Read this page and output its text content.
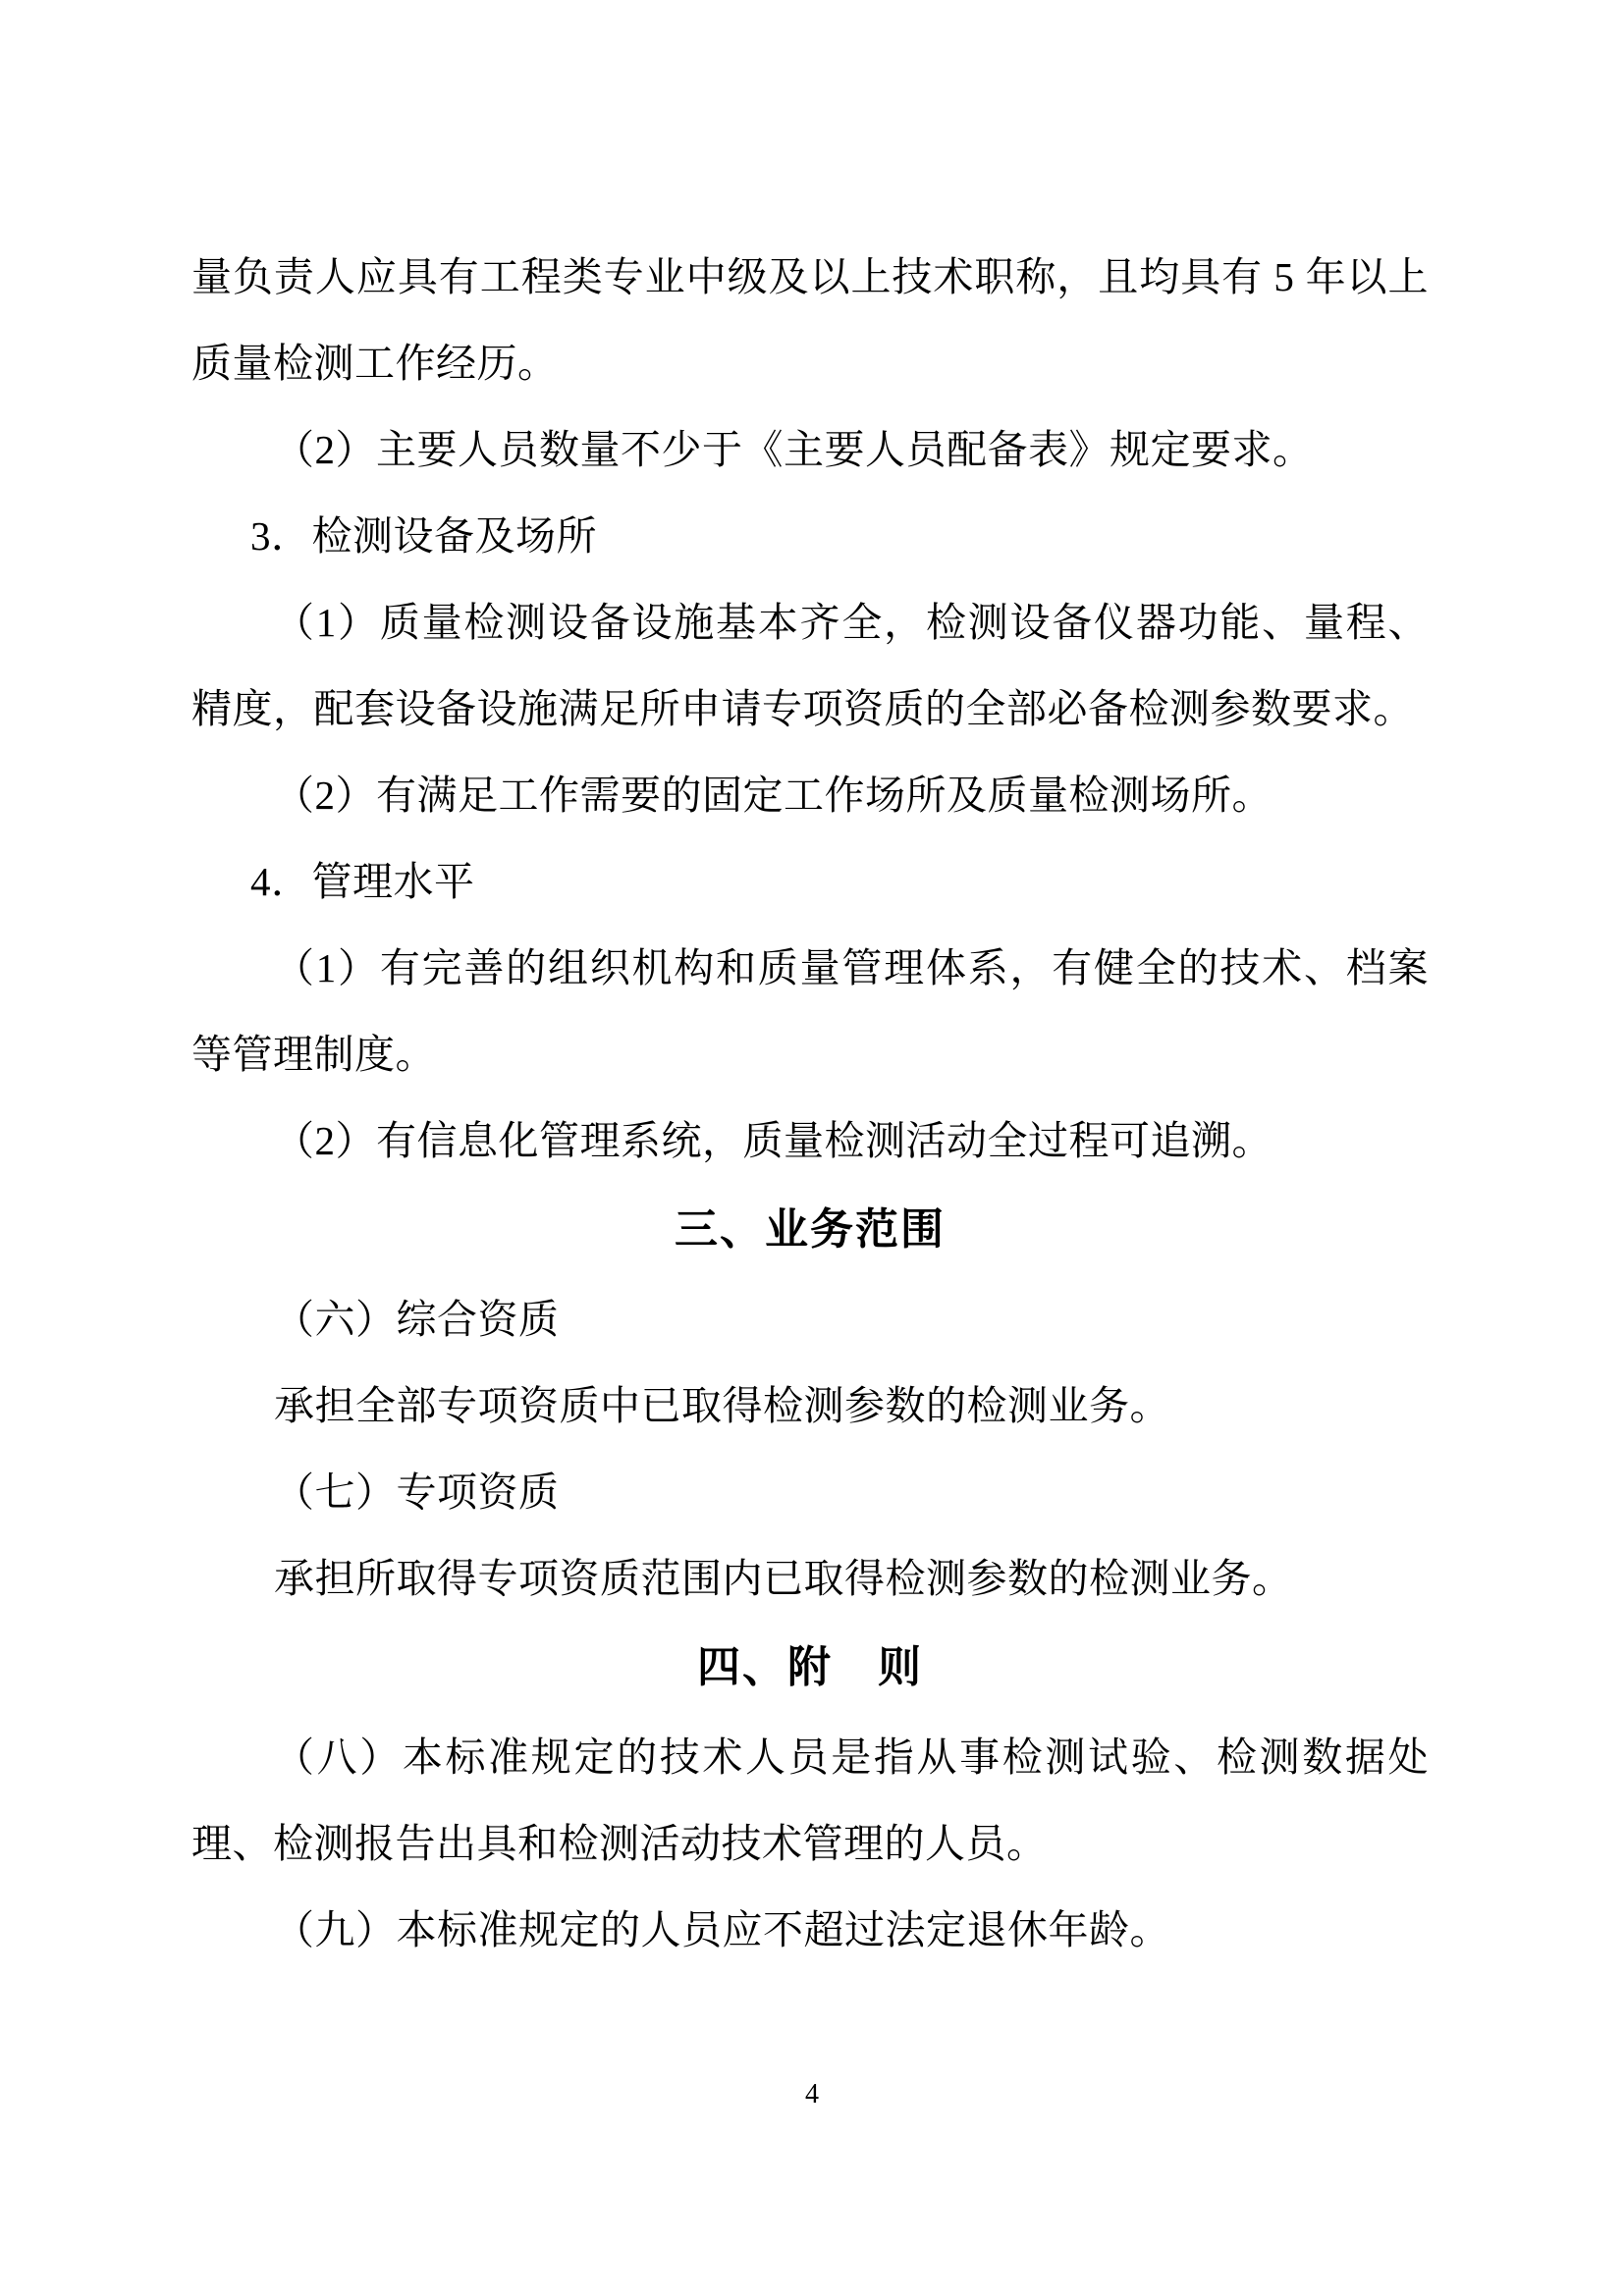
量负责人应具有工程类专业中级及以上技术职称，且均具有 5 年以上质量检测工作经历。

（2）主要人员数量不少于《主要人员配备表》规定要求。

3．检测设备及场所

（1）质量检测设备设施基本齐全，检测设备仪器功能、量程、精度，配套设备设施满足所申请专项资质的全部必备检测参数要求。

（2）有满足工作需要的固定工作场所及质量检测场所。

4．管理水平

（1）有完善的组织机构和质量管理体系，有健全的技术、档案等管理制度。

（2）有信息化管理系统，质量检测活动全过程可追溯。

三、业务范围

（六）综合资质

承担全部专项资质中已取得检测参数的检测业务。

（七）专项资质

承担所取得专项资质范围内已取得检测参数的检测业务。

四、附 则

（八）本标准规定的技术人员是指从事检测试验、检测数据处理、检测报告出具和检测活动技术管理的人员。

（九）本标准规定的人员应不超过法定退休年龄。

4
